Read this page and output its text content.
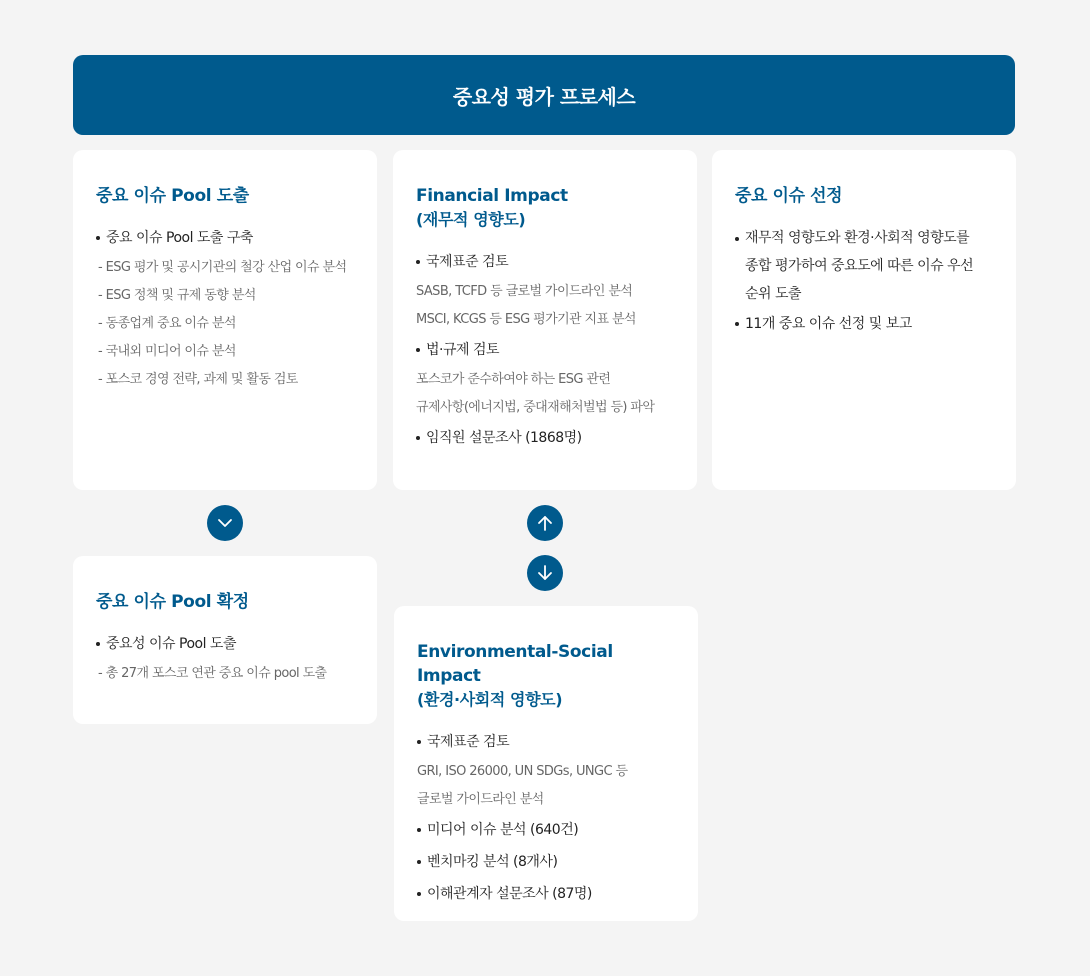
중요성 평가 프로세스
중요 이슈 Pool 도출
중요 이슈 Pool 도출 구축
- ESG 평가 및 공시기관의 철강 산업 이슈 분석
- ESG 정책 및 규제 동향 분석
- 동종업계 중요 이슈 분석
- 국내외 미디어 이슈 분석
- 포스코 경영 전략, 과제 및 활동 검토
Financial Impact
(재무적 영향도)
국제표준 검토
SASB, TCFD 등 글로벌 가이드라인 분석
MSCI, KCGS 등 ESG 평가기관 지표 분석
법·규제 검토
포스코가 준수하여야 하는 ESG 관련
규제사항(에너지법, 중대재해처벌법 등) 파악
임직원 설문조사 (1868명)
중요 이슈 선정
재무적 영향도와 환경·사회적 영향도를 종합 평가하여 중요도에 따른 이슈 우선순위 도출
11개 중요 이슈 선정 및 보고
중요 이슈 Pool 확정
중요성 이슈 Pool 도출
- 총 27개 포스코 연관 중요 이슈 pool 도출
Environmental-Social Impact
(환경·사회적 영향도)
국제표준 검토
GRI, ISO 26000, UN SDGs, UNGC 등
글로벌 가이드라인 분석
미디어 이슈 분석 (640건)
벤치마킹 분석 (8개사)
이해관계자 설문조사 (87명)
